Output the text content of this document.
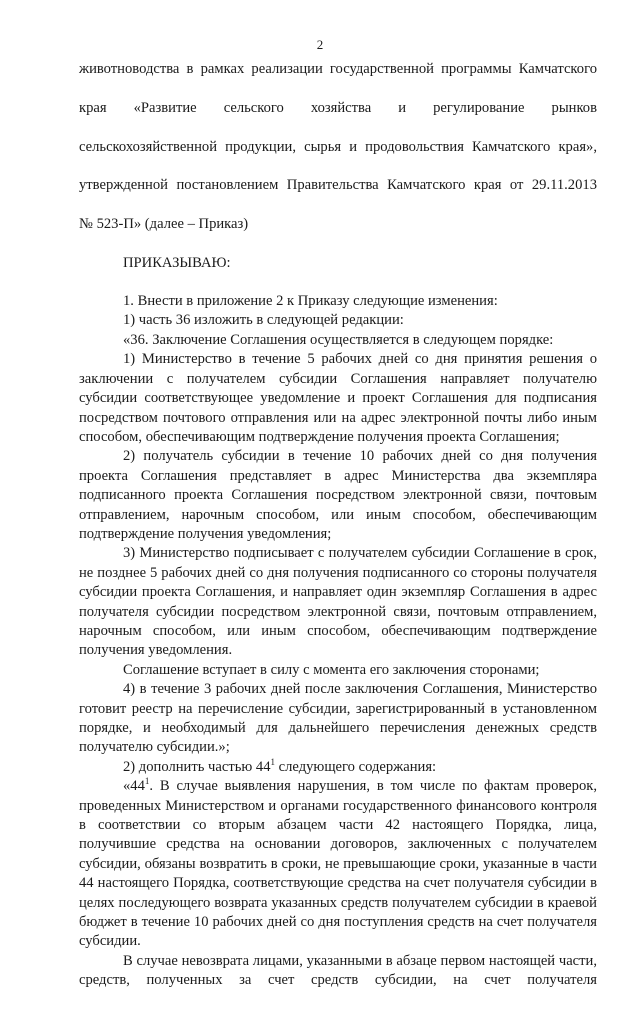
2

животноводства в рамках реализации государственной программы Камчатского

края «Развитие сельского хозяйства и регулирование рынков

сельскохозяйственной продукции, сырья и продовольствия Камчатского края»,

утвержденной постановлением Правительства Камчатского края от 29.11.2013

№ 523-П» (далее – Приказ)

ПРИКАЗЫВАЮ:

1. Внести в приложение 2 к Приказу следующие изменения:

1) часть 36 изложить в следующей редакции:

«36. Заключение Соглашения осуществляется в следующем порядке:

1) Министерство в течение 5 рабочих дней со дня принятия решения о заключении с получателем субсидии Соглашения направляет получателю субсидии соответствующее уведомление и проект Соглашения для подписания посредством почтового отправления или на адрес электронной почты либо иным способом, обеспечивающим подтверждение получения проекта Соглашения;

2) получатель субсидии в течение 10 рабочих дней со дня получения проекта Соглашения представляет в адрес Министерства два экземпляра подписанного проекта Соглашения посредством электронной связи, почтовым отправлением, нарочным способом, или иным способом, обеспечивающим подтверждение получения уведомления;

3) Министерство подписывает с получателем субсидии Соглашение в срок, не позднее 5 рабочих дней со дня получения подписанного со стороны получателя субсидии проекта Соглашения, и направляет один экземпляр Соглашения в адрес получателя субсидии посредством электронной связи, почтовым отправлением, нарочным способом, или иным способом, обеспечивающим подтверждение получения уведомления.

Соглашение вступает в силу с момента его заключения сторонами;

4) в течение 3 рабочих дней после заключения Соглашения, Министерство готовит реестр на перечисление субсидии, зарегистрированный в установленном порядке, и необходимый для дальнейшего перечисления денежных средств получателю субсидии.»;

2) дополнить частью $44^1$ следующего содержания:

«$44^1$. В случае выявления нарушения, в том числе по фактам проверок, проведенных Министерством и органами государственного финансового контроля в соответствии со вторым абзацем части 42 настоящего Порядка, лица, получившие средства на основании договоров, заключенных с получателем субсидии, обязаны возвратить в сроки, не превышающие сроки, указанные в части 44 настоящего Порядка, соответствующие средства на счет получателя субсидии в целях последующего возврата указанных средств получателем субсидии в краевой бюджет в течение 10 рабочих дней со дня поступления средств на счет получателя субсидии.

В случае невозврата лицами, указанными в абзаце первом настоящей части, средств, полученных за счет средств субсидии, на счет получателя
